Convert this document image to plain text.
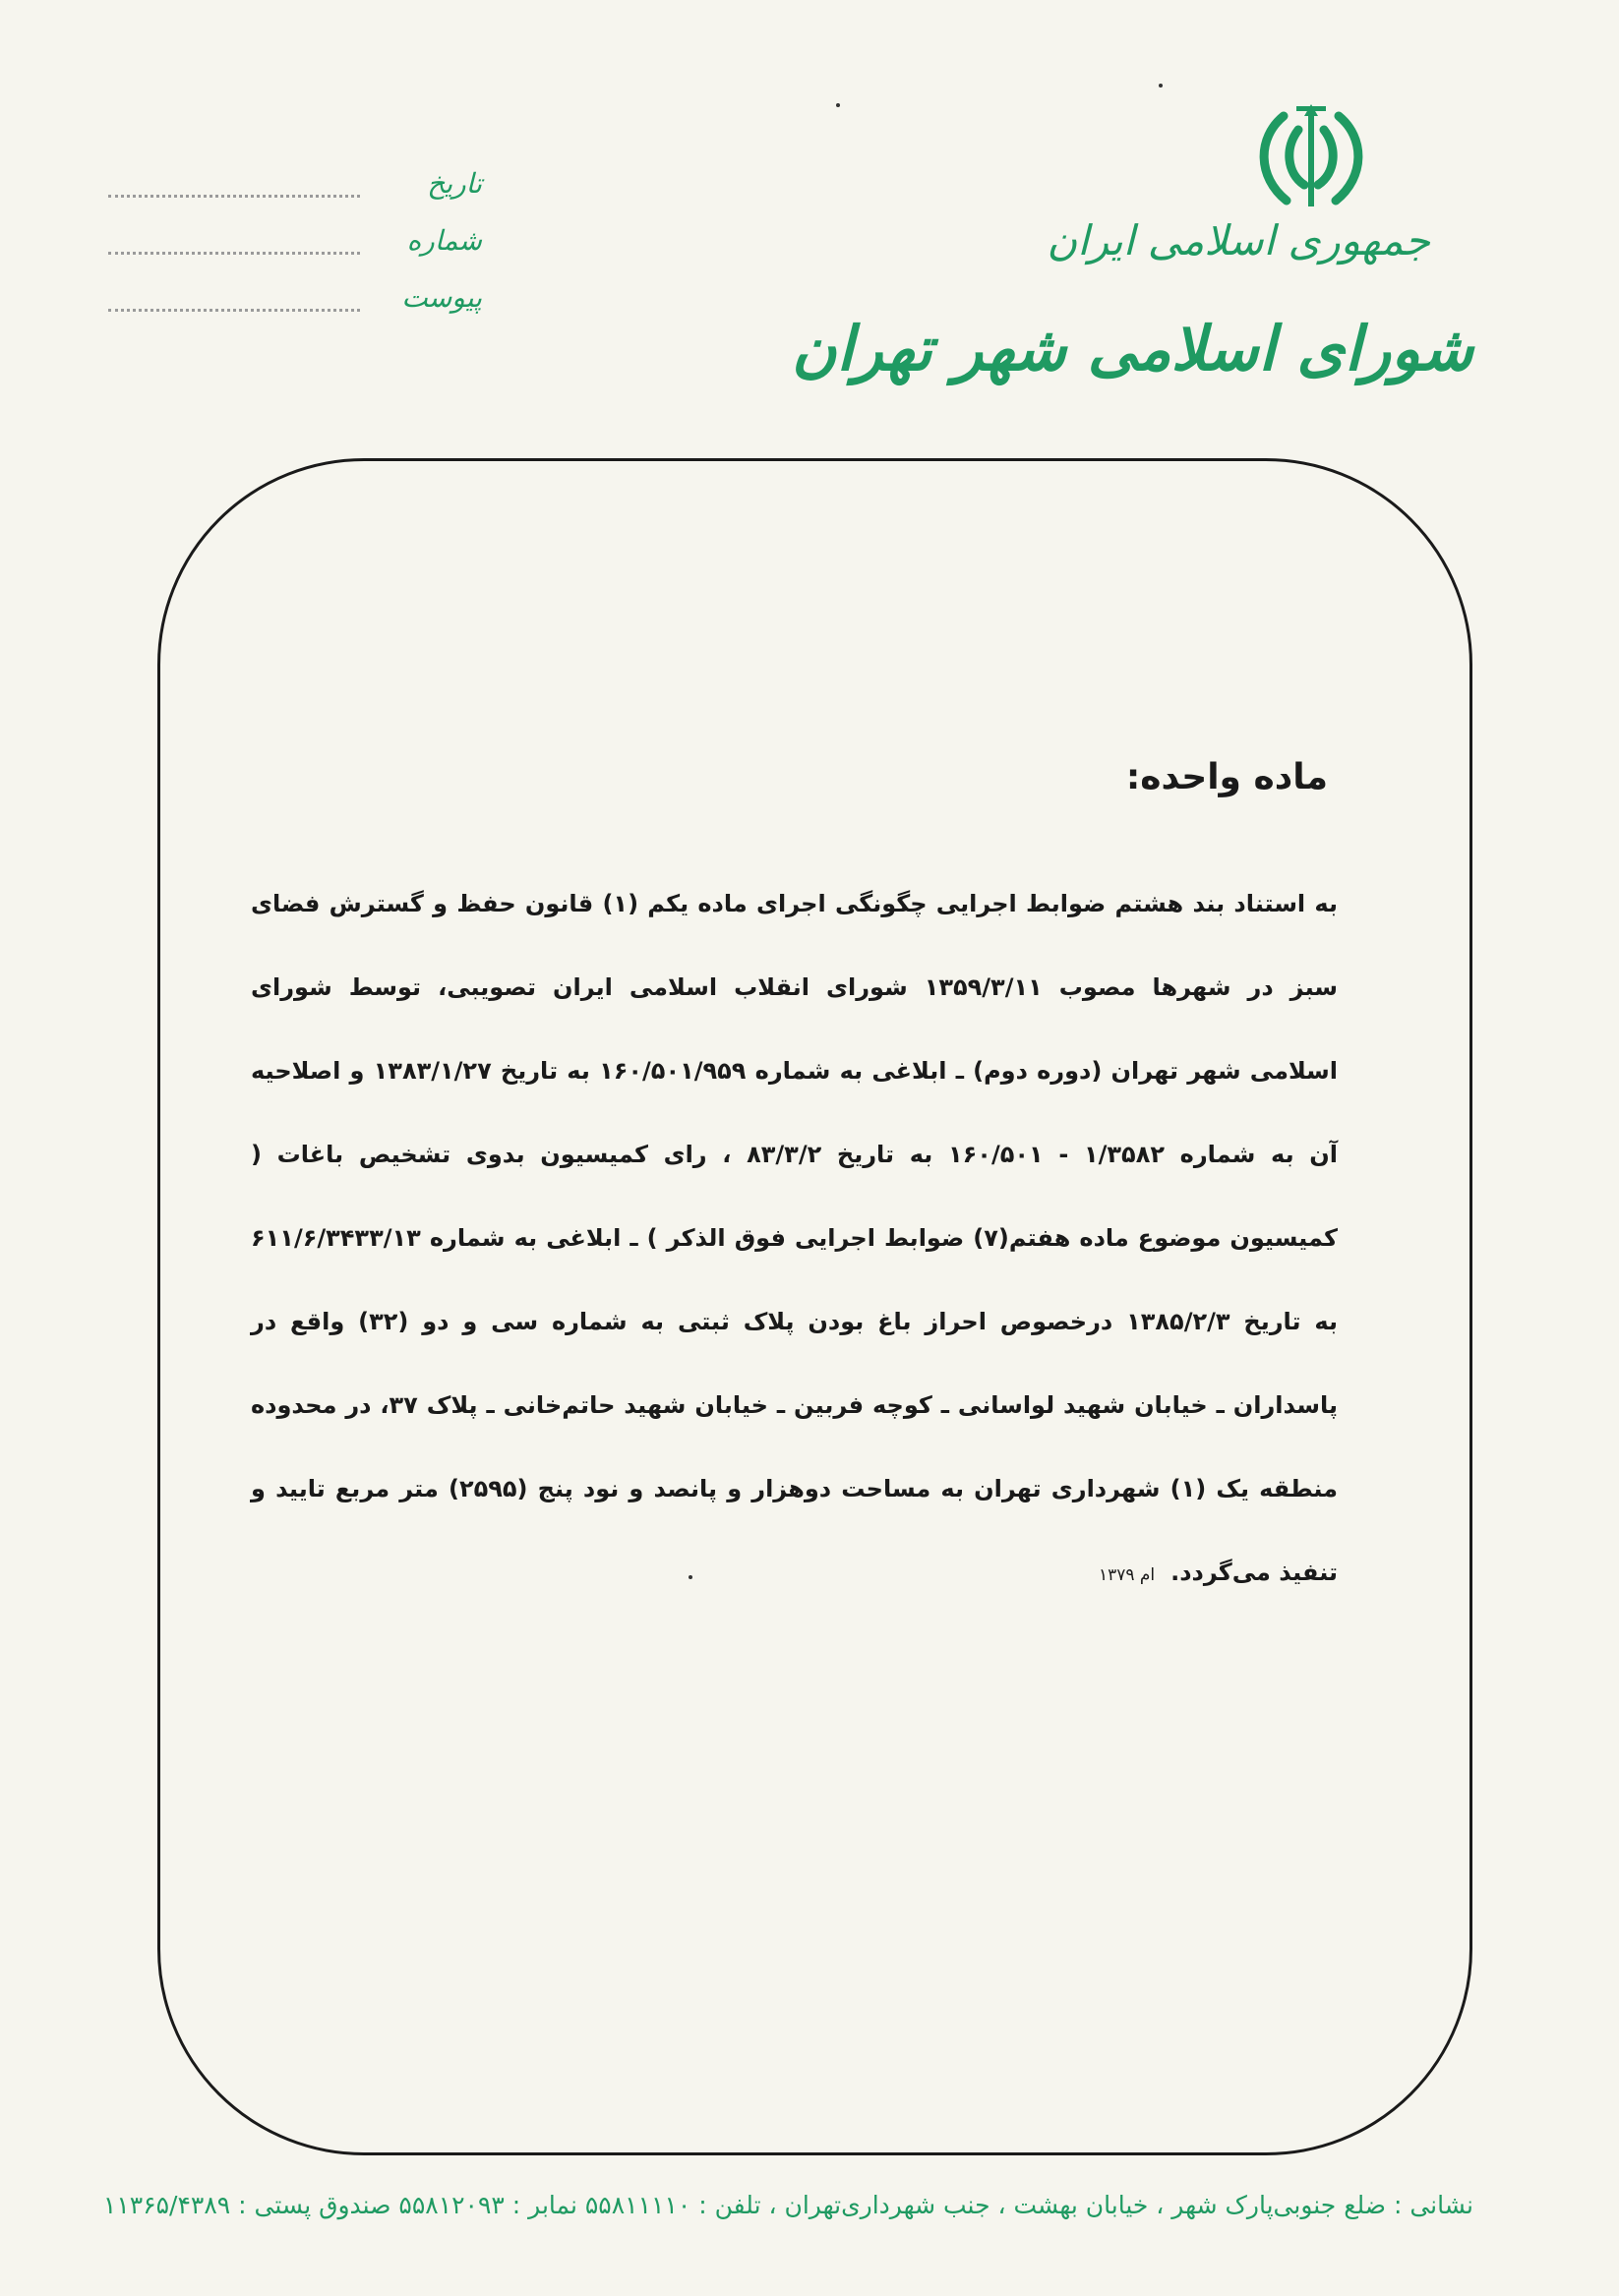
جمهوری اسلامی ایران
شورای اسلامی شهر تهران
تاریخ
شماره
پیوست
ماده واحده:

به استناد بند هشتم ضوابط اجرایی چگونگی اجرای ماده یکم (۱) قانون حفظ و گسترش فضای سبز در شهرها مصوب ۱۳۵۹/۳/۱۱ شورای انقلاب اسلامی ایران تصویبی، توسط شورای اسلامی شهر تهران (دوره دوم) ـ ابلاغی به شماره ۱۶۰/۵۰۱/۹۵۹ به تاریخ ۱۳۸۳/۱/۲۷ و اصلاحیه آن به شماره ۱/۳۵۸۲ - ۱۶۰/۵۰۱ به تاریخ ۸۳/۳/۲ ، رای کمیسیون بدوی تشخیص باغات ( کمیسیون موضوع ماده هفتم(۷) ضوابط اجرایی فوق الذکر ) ـ ابلاغی به شماره ۶۱۱/۶/۳۴۳۳/۱۳ به تاریخ ۱۳۸۵/۲/۳ درخصوص احراز باغ بودن پلاک ثبتی به شماره سی و دو (۳۲) واقع در پاسداران ـ خیابان شهید لواسانی ـ کوچه فربین ـ خیابان شهید حاتم‌خانی ـ پلاک ۳۷، در محدوده منطقه یک (۱) شهرداری تهران به مساحت دوهزار و پانصد و نود پنج (۲۵۹۵) متر مربع تایید و تنفیذ می‌گردد.ام ۱۳۷۹

نشانی : ضلع جنوبی‌پارک شهر ، خیابان بهشت ، جنب شهرداری‌تهران ، تلفن : ۵۵۸۱۱۱۱۰ نمابر : ۵۵۸۱۲۰۹۳ صندوق پستی : ۱۱۳۶۵/۴۳۸۹
